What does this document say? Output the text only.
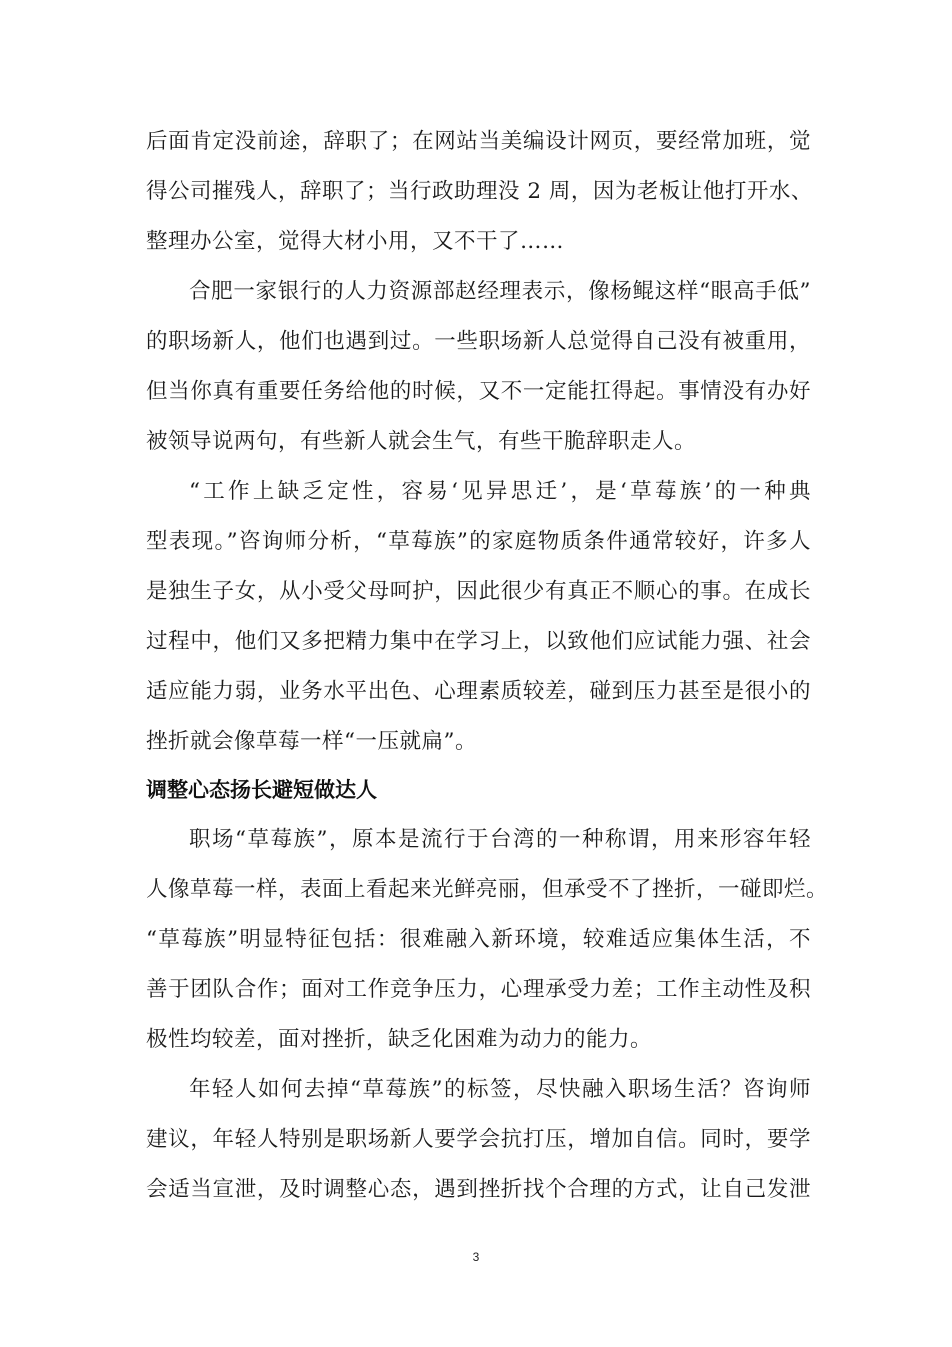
后面肯定没前途，辞职了；在网站当美编设计网页，要经常加班，觉
得公司摧残人，辞职了；当行政助理没 2 周，因为老板让他打开水、
整理办公室，觉得大材小用，又不干了……
合肥一家银行的人力资源部赵经理表示，像杨鲲这样“眼高手低”
的职场新人，他们也遇到过。一些职场新人总觉得自己没有被重用，
但当你真有重要任务给他的时候，又不一定能扛得起。事情没有办好
被领导说两句，有些新人就会生气，有些干脆辞职走人。
“工作上缺乏定性，容易‘见异思迁’，是‘草莓族’的一种典
型表现。”咨询师分析，“草莓族”的家庭物质条件通常较好，许多人
是独生子女，从小受父母呵护，因此很少有真正不顺心的事。在成长
过程中，他们又多把精力集中在学习上，以致他们应试能力强、社会
适应能力弱，业务水平出色、心理素质较差，碰到压力甚至是很小的
挫折就会像草莓一样“一压就扁”。
调整心态扬长避短做达人
职场“草莓族”，原本是流行于台湾的一种称谓，用来形容年轻
人像草莓一样，表面上看起来光鲜亮丽，但承受不了挫折，一碰即烂。
“草莓族”明显特征包括：很难融入新环境，较难适应集体生活，不
善于团队合作；面对工作竞争压力，心理承受力差；工作主动性及积
极性均较差，面对挫折，缺乏化困难为动力的能力。
年轻人如何去掉“草莓族”的标签，尽快融入职场生活？咨询师
建议，年轻人特别是职场新人要学会抗打压，增加自信。同时，要学
会适当宣泄，及时调整心态，遇到挫折找个合理的方式，让自己发泄
3
